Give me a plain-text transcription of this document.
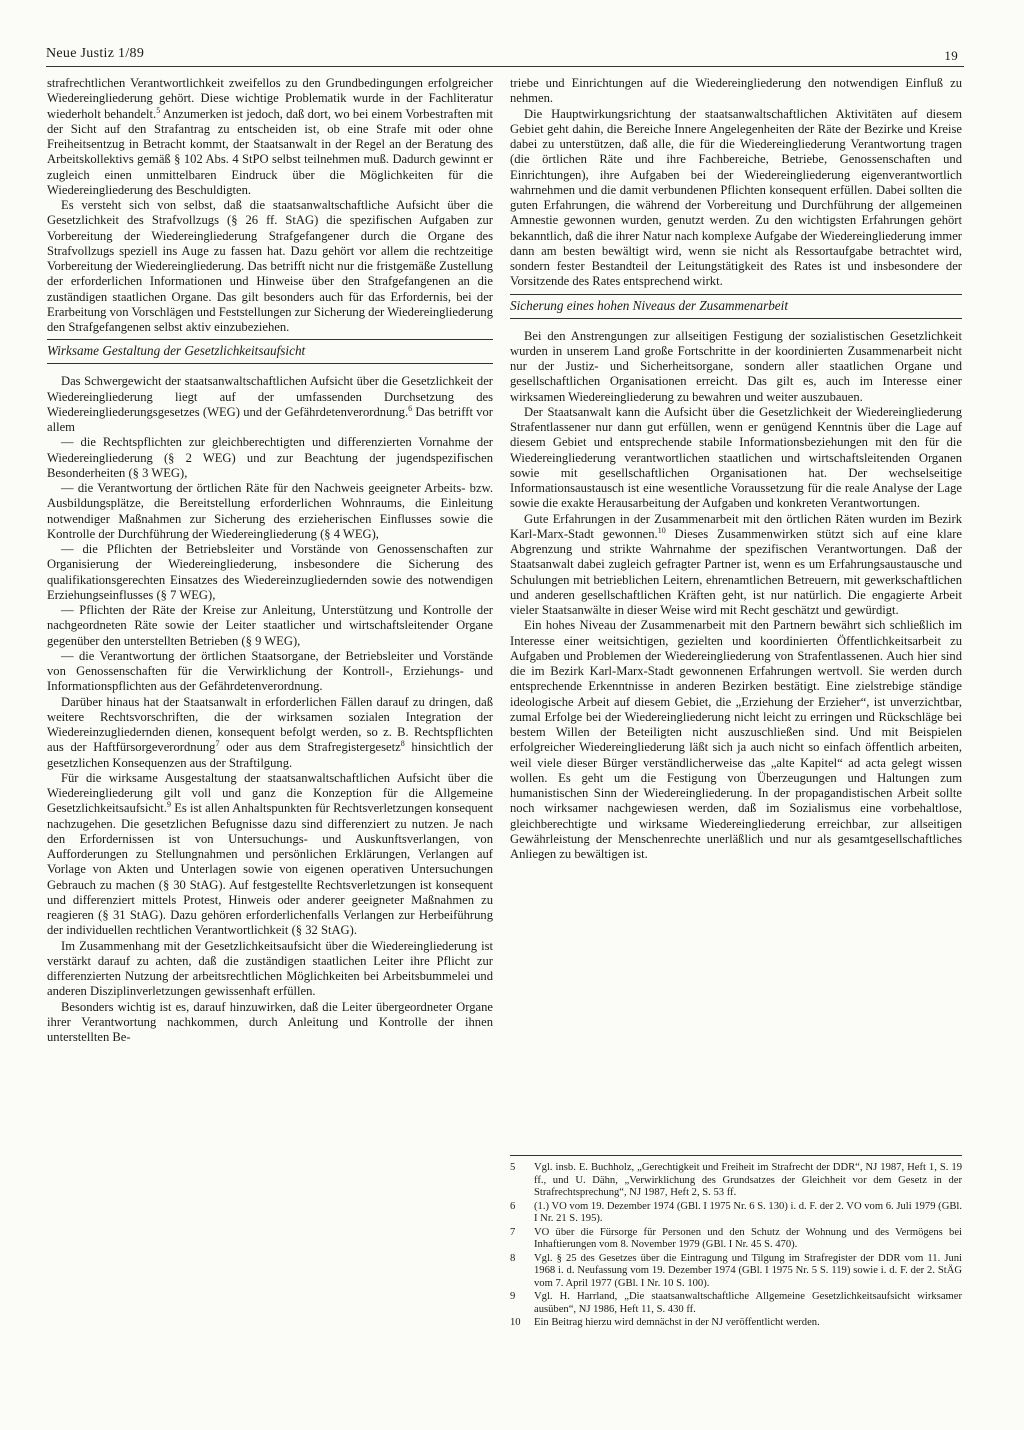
Neue Justiz 1/89	19

strafrechtlichen Verantwortlichkeit zweifellos zu den Grundbedingungen erfolgreicher Wiedereingliederung gehört. Diese wichtige Problematik wurde in der Fachliteratur wiederholt behandelt.$^5$ Anzumerken ist jedoch, daß dort, wo bei einem Vorbestraften mit der Sicht auf den Strafantrag zu entscheiden ist, ob eine Strafe mit oder ohne Freiheitsentzug in Betracht kommt, der Staatsanwalt in der Regel an der Beratung des Arbeitskollektivs gemäß § 102 Abs. 4 StPO selbst teilnehmen muß. Dadurch gewinnt er zugleich einen unmittelbaren Eindruck über die Möglichkeiten für die Wiedereingliederung des Beschuldigten.

Es versteht sich von selbst, daß die staatsanwaltschaftliche Aufsicht über die Gesetzlichkeit des Strafvollzugs (§ 26 ff. StAG) die spezifischen Aufgaben zur Vorbereitung der Wiedereingliederung Strafgefangener durch die Organe des Strafvollzugs speziell ins Auge zu fassen hat. Dazu gehört vor allem die rechtzeitige Vorbereitung der Wiedereingliederung. Das betrifft nicht nur die fristgemäße Zustellung der erforderlichen Informationen und Hinweise über den Strafgefangenen an die zuständigen staatlichen Organe. Das gilt besonders auch für das Erfordernis, bei der Erarbeitung von Vorschlägen und Feststellungen zur Sicherung der Wiedereingliederung den Strafgefangenen selbst aktiv einzubeziehen.

Wirksame Gestaltung der Gesetzlichkeitsaufsicht

Das Schwergewicht der staatsanwaltschaftlichen Aufsicht über die Gesetzlichkeit der Wiedereingliederung liegt auf der umfassenden Durchsetzung des Wiedereingliederungsgesetzes (WEG) und der Gefährdetenverordnung.$^6$ Das betrifft vor allem

— die Rechtspflichten zur gleichberechtigten und differenzierten Vornahme der Wiedereingliederung (§ 2 WEG) und zur Beachtung der jugendspezifischen Besonderheiten (§ 3 WEG),

— die Verantwortung der örtlichen Räte für den Nachweis geeigneter Arbeits- bzw. Ausbildungsplätze, die Bereitstellung erforderlichen Wohnraums, die Einleitung notwendiger Maßnahmen zur Sicherung des erzieherischen Einflusses sowie die Kontrolle der Durchführung der Wiedereingliederung (§ 4 WEG),

— die Pflichten der Betriebsleiter und Vorstände von Genossenschaften zur Organisierung der Wiedereingliederung, insbesondere die Sicherung des qualifikationsgerechten Einsatzes des Wiedereinzugliedernden sowie des notwendigen Erziehungseinflusses (§ 7 WEG),

— Pflichten der Räte der Kreise zur Anleitung, Unterstützung und Kontrolle der nachgeordneten Räte sowie der Leiter staatlicher und wirtschaftsleitender Organe gegenüber den unterstellten Betrieben (§ 9 WEG),

— die Verantwortung der örtlichen Staatsorgane, der Betriebsleiter und Vorstände von Genossenschaften für die Verwirklichung der Kontroll-, Erziehungs- und Informationspflichten aus der Gefährdetenverordnung.

Darüber hinaus hat der Staatsanwalt in erforderlichen Fällen darauf zu dringen, daß weitere Rechtsvorschriften, die der wirksamen sozialen Integration der Wiedereinzugliedernden dienen, konsequent befolgt werden, so z. B. Rechtspflichten aus der Haftfürsorgeverordnung$^7$ oder aus dem Strafregistergesetz$^8$ hinsichtlich der gesetzlichen Konsequenzen aus der Straftilgung.

Für die wirksame Ausgestaltung der staatsanwaltschaftlichen Aufsicht über die Wiedereingliederung gilt voll und ganz die Konzeption für die Allgemeine Gesetzlichkeitsaufsicht.$^9$ Es ist allen Anhaltspunkten für Rechtsverletzungen konsequent nachzugehen. Die gesetzlichen Befugnisse dazu sind differenziert zu nutzen. Je nach den Erfordernissen ist von Untersuchungs- und Auskunftsverlangen, von Aufforderungen zu Stellungnahmen und persönlichen Erklärungen, Verlangen auf Vorlage von Akten und Unterlagen sowie von eigenen operativen Untersuchungen Gebrauch zu machen (§ 30 StAG). Auf festgestellte Rechtsverletzungen ist konsequent und differenziert mittels Protest, Hinweis oder anderer geeigneter Maßnahmen zu reagieren (§ 31 StAG). Dazu gehören erforderlichenfalls Verlangen zur Herbeiführung der individuellen rechtlichen Verantwortlichkeit (§ 32 StAG).

Im Zusammenhang mit der Gesetzlichkeitsaufsicht über die Wiedereingliederung ist verstärkt darauf zu achten, daß die zuständigen staatlichen Leiter ihre Pflicht zur differenzierten Nutzung der arbeitsrechtlichen Möglichkeiten bei Arbeitsbummelei und anderen Disziplinverletzungen gewissenhaft erfüllen.

Besonders wichtig ist es, darauf hinzuwirken, daß die Leiter übergeordneter Organe ihrer Verantwortung nachkommen, durch Anleitung und Kontrolle der ihnen unterstellten Be-

triebe und Einrichtungen auf die Wiedereingliederung den notwendigen Einfluß zu nehmen.

Die Hauptwirkungsrichtung der staatsanwaltschaftlichen Aktivitäten auf diesem Gebiet geht dahin, die Bereiche Innere Angelegenheiten der Räte der Bezirke und Kreise dabei zu unterstützen, daß alle, die für die Wiedereingliederung Verantwortung tragen (die örtlichen Räte und ihre Fachbereiche, Betriebe, Genossenschaften und Einrichtungen), ihre Aufgaben bei der Wiedereingliederung eigenverantwortlich wahrnehmen und die damit verbundenen Pflichten konsequent erfüllen. Dabei sollten die guten Erfahrungen, die während der Vorbereitung und Durchführung der allgemeinen Amnestie gewonnen wurden, genutzt werden. Zu den wichtigsten Erfahrungen gehört bekanntlich, daß die ihrer Natur nach komplexe Aufgabe der Wiedereingliederung immer dann am besten bewältigt wird, wenn sie nicht als Ressortaufgabe betrachtet wird, sondern fester Bestandteil der Leitungstätigkeit des Rates ist und insbesondere der Vorsitzende des Rates entsprechend wirkt.

Sicherung eines hohen Niveaus der Zusammenarbeit

Bei den Anstrengungen zur allseitigen Festigung der sozialistischen Gesetzlichkeit wurden in unserem Land große Fortschritte in der koordinierten Zusammenarbeit nicht nur der Justiz- und Sicherheitsorgane, sondern aller staatlichen Organe und gesellschaftlichen Organisationen erreicht. Das gilt es, auch im Interesse einer wirksamen Wiedereingliederung zu bewahren und weiter auszubauen.

Der Staatsanwalt kann die Aufsicht über die Gesetzlichkeit der Wiedereingliederung Strafentlassener nur dann gut erfüllen, wenn er genügend Kenntnis über die Lage auf diesem Gebiet und entsprechende stabile Informationsbeziehungen mit den für die Wiedereingliederung verantwortlichen staatlichen und wirtschaftsleitenden Organen sowie mit gesellschaftlichen Organisationen hat. Der wechselseitige Informationsaustausch ist eine wesentliche Voraussetzung für die reale Analyse der Lage sowie die exakte Herausarbeitung der Aufgaben und konkreten Verantwortungen.

Gute Erfahrungen in der Zusammenarbeit mit den örtlichen Räten wurden im Bezirk Karl-Marx-Stadt gewonnen.$^{10}$ Dieses Zusammenwirken stützt sich auf eine klare Abgrenzung und strikte Wahrnahme der spezifischen Verantwortungen. Daß der Staatsanwalt dabei zugleich gefragter Partner ist, wenn es um Erfahrungsaustausche und Schulungen mit betrieblichen Leitern, ehrenamtlichen Betreuern, mit gewerkschaftlichen und anderen gesellschaftlichen Kräften geht, ist nur natürlich. Die engagierte Arbeit vieler Staatsanwälte in dieser Weise wird mit Recht geschätzt und gewürdigt.

Ein hohes Niveau der Zusammenarbeit mit den Partnern bewährt sich schließlich im Interesse einer weitsichtigen, gezielten und koordinierten Öffentlichkeitsarbeit zu Aufgaben und Problemen der Wiedereingliederung von Strafentlassenen. Auch hier sind die im Bezirk Karl-Marx-Stadt gewonnenen Erfahrungen wertvoll. Sie werden durch entsprechende Erkenntnisse in anderen Bezirken bestätigt. Eine zielstrebige ständige ideologische Arbeit auf diesem Gebiet, die „Erziehung der Erzieher“, ist unverzichtbar, zumal Erfolge bei der Wiedereingliederung nicht leicht zu erringen und Rückschläge bei bestem Willen der Beteiligten nicht auszuschließen sind. Und mit Beispielen erfolgreicher Wiedereingliederung läßt sich ja auch nicht so einfach öffentlich arbeiten, weil viele dieser Bürger verständlicherweise das „alte Kapitel“ ad acta gelegt wissen wollen. Es geht um die Festigung von Überzeugungen und Haltungen zum humanistischen Sinn der Wiedereingliederung. In der propagandistischen Arbeit sollte noch wirksamer nachgewiesen werden, daß im Sozialismus eine vorbehaltlose, gleichberechtigte und wirksame Wiedereingliederung erreichbar, zur allseitigen Gewährleistung der Menschenrechte unerläßlich und nur als gesamtgesellschaftliches Anliegen zu bewältigen ist.

5 Vgl. insb. E. Buchholz, „Gerechtigkeit und Freiheit im Strafrecht der DDR“, NJ 1987, Heft 1, S. 19 ff., und U. Dähn, „Verwirklichung des Grundsatzes der Gleichheit vor dem Gesetz in der Strafrechtsprechung“, NJ 1987, Heft 2, S. 53 ff.
6 (1.) VO vom 19. Dezember 1974 (GBl. I 1975 Nr. 6 S. 130) i. d. F. der 2. VO vom 6. Juli 1979 (GBl. I Nr. 21 S. 195).
7 VO über die Fürsorge für Personen und den Schutz der Wohnung und des Vermögens bei Inhaftierungen vom 8. November 1979 (GBl. I Nr. 45 S. 470).
8 Vgl. § 25 des Gesetzes über die Eintragung und Tilgung im Strafregister der DDR vom 11. Juni 1968 i. d. Neufassung vom 19. Dezember 1974 (GBl. I 1975 Nr. 5 S. 119) sowie i. d. F. der 2. StÄG vom 7. April 1977 (GBl. I Nr. 10 S. 100).
9 Vgl. H. Harrland, „Die staatsanwaltschaftliche Allgemeine Gesetzlichkeitsaufsicht wirksamer ausüben“, NJ 1986, Heft 11, S. 430 ff.
10 Ein Beitrag hierzu wird demnächst in der NJ veröffentlicht werden.
